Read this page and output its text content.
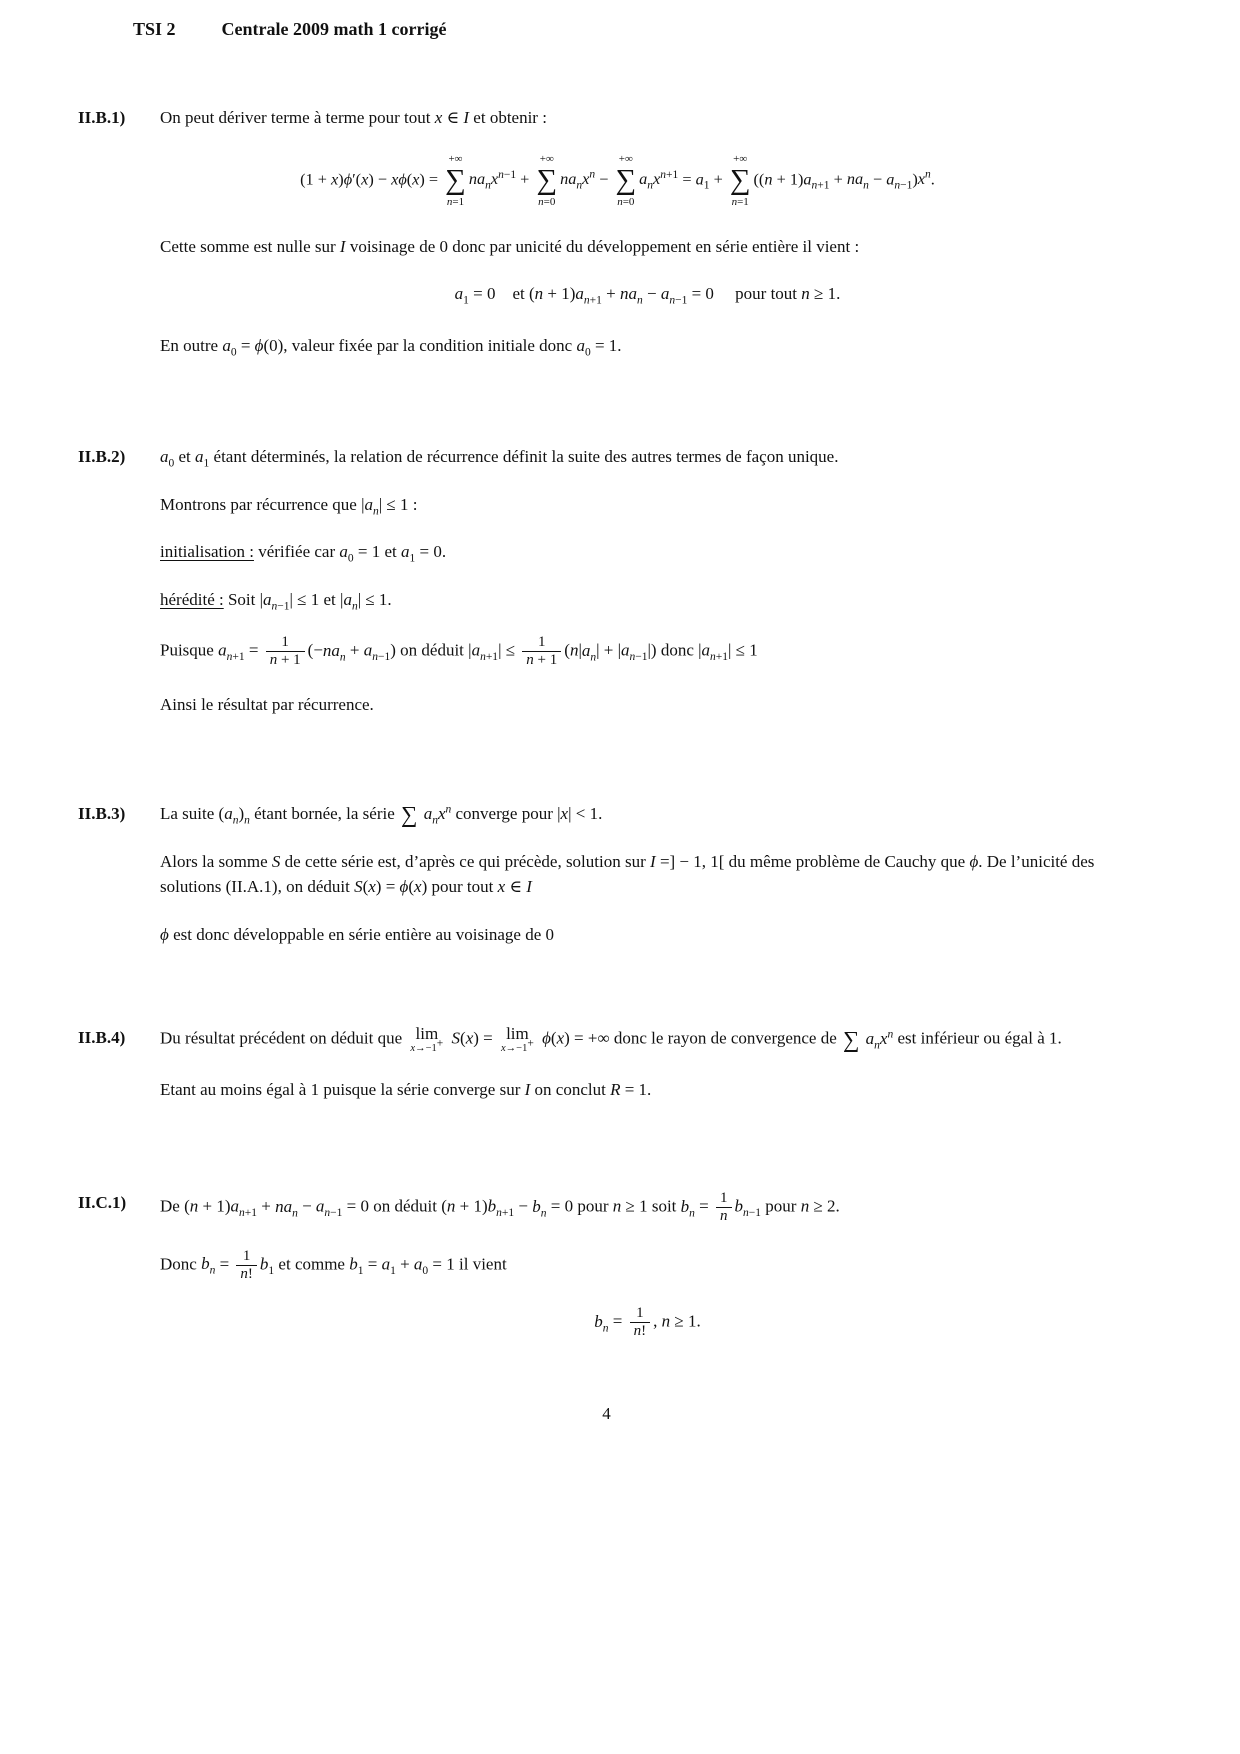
TSI 2	Centrale 2009 math 1 corrigé
II.B.1)	On peut dériver terme à terme pour tout x ∈ I et obtenir :

(1 + x)ϕ′(x) − xϕ(x) =
+∞
∑
n=1
$na_nx^{n-1}$ +
+∞
∑
n=0
$na_nx^n$ −
+∞
∑
n=0
$a_nx^{n+1} = a_1$ +
+∞
∑
n=1
$((n + 1)a_{n+1} + na_n - a_{n-1})x^n$.

Cette somme est nulle sur I voisinage de 0 donc par unicité du développement en série entière il vient :

$a_1 = 0$    et $(n + 1)a_{n+1} + na_n - a_{n-1} = 0$     pour tout n ≥ 1.

En outre $a_0 = \phi(0)$, valeur fixée par la condition initiale donc $a_0 = 1$.

II.B.2)	$a_0$ et $a_1$ étant déterminés, la relation de récurrence définit la suite des autres termes de façon unique.

Montrons par récurrence que $|a_n| \le 1$ :

initialisation : vérifiée car $a_0 = 1$ et $a_1 = 0$.

hérédité : Soit $|a_{n-1}| \le 1$ et $|a_n| \le 1$.

Puisque $a_{n+1} = \frac{1}{n + 1} (-na_n + a_{n-1})$ on déduit $|a_{n+1}| \le \frac{1}{n + 1} (n|a_n| + |a_{n-1}|)$ donc $|a_{n+1}| \le 1$

Ainsi le résultat par récurrence.

II.B.3)	La suite $(a_n)_n$ étant bornée, la série ∑ $a_nx^n$ converge pour |x| < 1.

Alors la somme S de cette série est, d’après ce qui précède, solution sur I =] − 1, 1[ du même problème de Cauchy que ϕ. De l’unicité des solutions (II.A.1), on déduit S(x) = ϕ(x) pour tout x ∈ I

ϕ est donc développable en série entière au voisinage de 0

II.B.4)	Du résultat précédent on déduit que lim
x→−1+ S(x) = lim
x→−1+ ϕ(x) = +∞ donc le rayon de convergence de ∑ $a_nx^n$ est inférieur ou égal à 1.

Etant au moins égal à 1 puisque la série converge sur I on conclut R = 1.

II.C.1)	De $(n + 1)a_{n+1} + na_n - a_{n-1} = 0$ on déduit $(n + 1)b_{n+1} - b_n = 0$ pour n ≥ 1 soit $b_n = \frac{1}{n} b_{n-1}$ pour n ≥ 2.

Donc $b_n = \frac{1}{n!} b_1$ et comme $b_1 = a_1 + a_0 = 1$ il vient

$b_n = \frac{1}{n!}$ , n ≥ 1.
4
